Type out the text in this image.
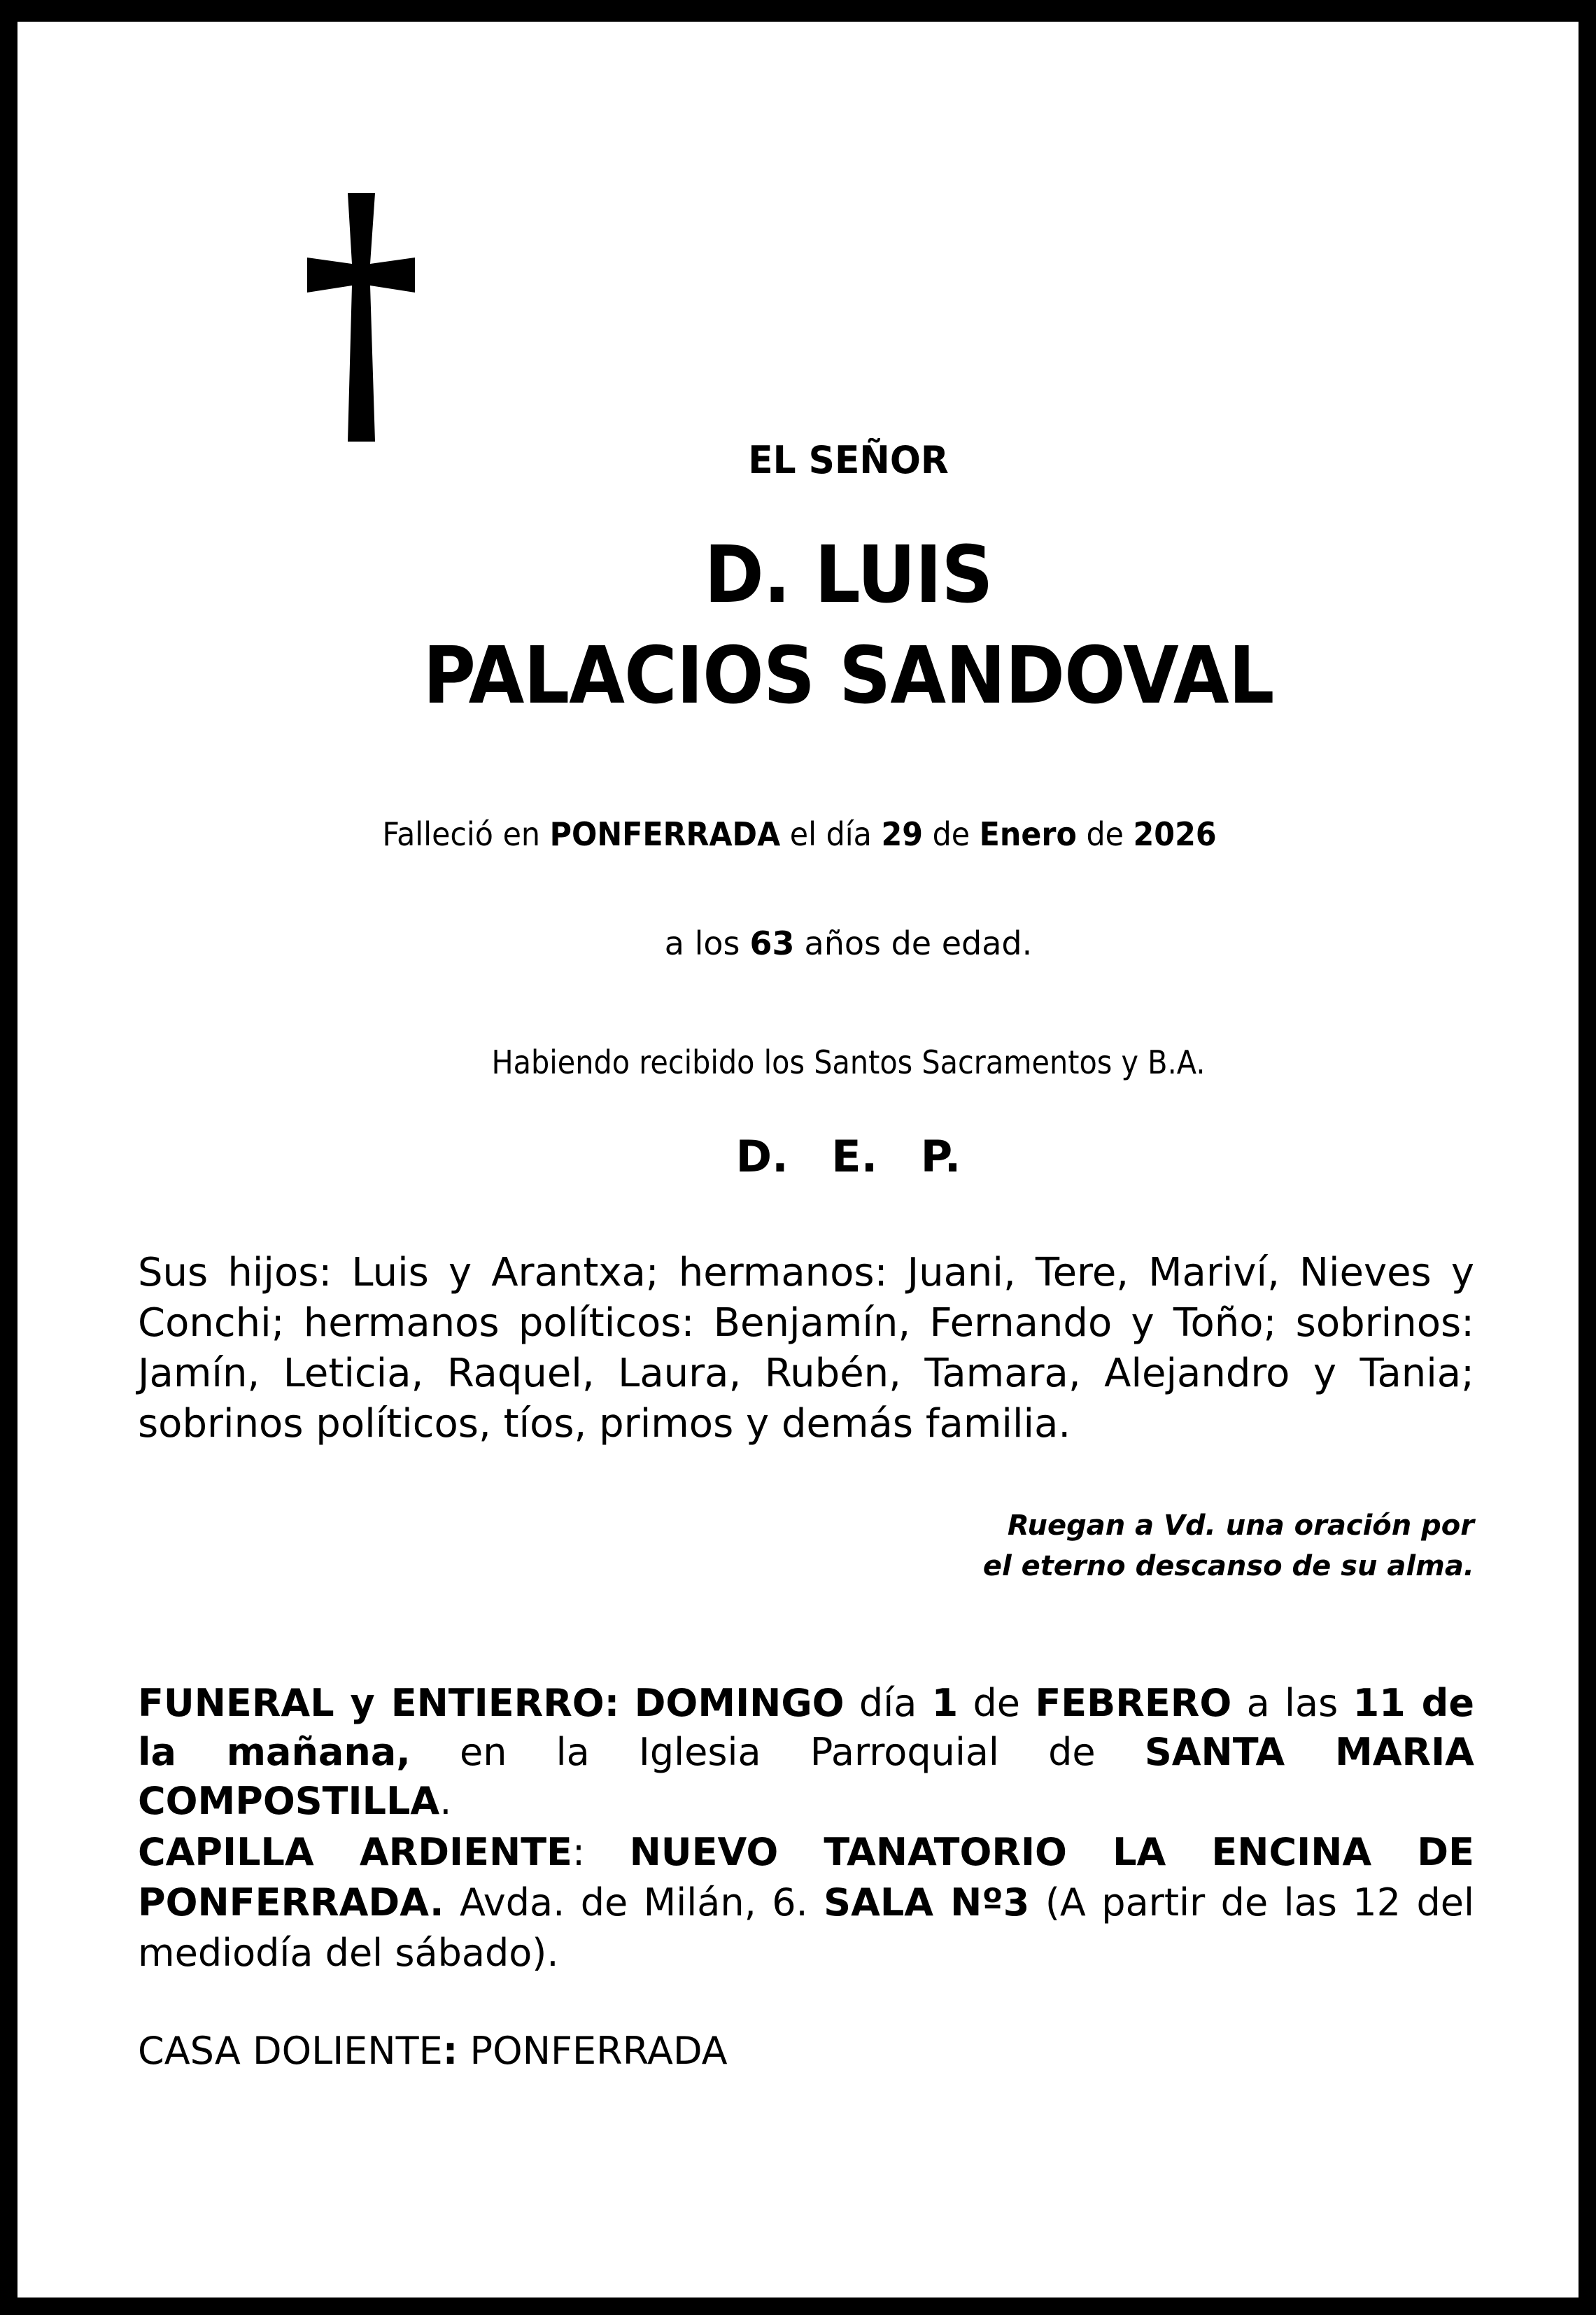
EL SEÑOR
D. LUIS
PALACIOS SANDOVAL
Falleció en PONFERRADA el día 29 de Enero de 2026
a los 63 años de edad.
Habiendo recibido los Santos Sacramentos y B.A.
D. E. P.
Sus hijos: Luis y Arantxa; hermanos: Juani, Tere, Mariví, Nieves y Conchi; hermanos políticos: Benjamín, Fernando y Toño; sobrinos: Jamín, Leticia, Raquel, Laura, Rubén, Tamara, Alejandro y Tania; sobrinos políticos, tíos, primos y demás familia.
Ruegan a Vd. una oración por
el eterno descanso de su alma.
FUNERAL y ENTIERRO: DOMINGO día 1 de FEBRERO a las 11 de la mañana, en la Iglesia Parroquial de SANTA MARIA COMPOSTILLA.
CAPILLA ARDIENTE: NUEVO TANATORIO LA ENCINA DE PONFERRADA. Avda. de Milán, 6. SALA Nº3 (A partir de las 12 del mediodía del sábado).
CASA DOLIENTE: PONFERRADA
